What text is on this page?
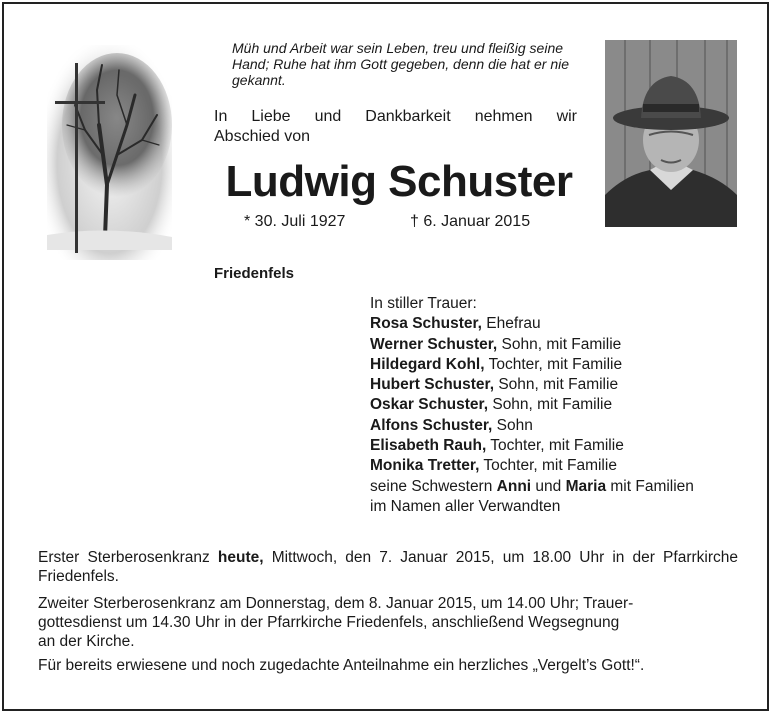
Müh und Arbeit war sein Leben, treu und fleißig seine Hand; Ruhe hat ihm Gott gegeben, denn die hat er nie gekannt.
In Liebe und Dankbarkeit nehmen wir
Abschied von
Ludwig Schuster
* 30. Juli 1927	† 6. Januar 2015
Friedenfels
In stiller Trauer:
Rosa Schuster, Ehefrau
Werner Schuster, Sohn, mit Familie
Hildegard Kohl, Tochter, mit Familie
Hubert Schuster, Sohn, mit Familie
Oskar Schuster, Sohn, mit Familie
Alfons Schuster, Sohn
Elisabeth Rauh, Tochter, mit Familie
Monika Tretter, Tochter, mit Familie
seine Schwestern Anni und Maria mit Familien
im Namen aller Verwandten
Erster Sterberosenkranz heute, Mittwoch, den 7. Januar 2015, um 18.00 Uhr in der Pfarrkirche Friedenfels.
Zweiter Sterberosenkranz am Donnerstag, dem 8. Januar 2015, um 14.00 Uhr; Trauer-
gottesdienst um 14.30 Uhr in der Pfarrkirche Friedenfels, anschließend Wegsegnung
an der Kirche.
Für bereits erwiesene und noch zugedachte Anteilnahme ein herzliches „Vergelt’s Gott!“.
